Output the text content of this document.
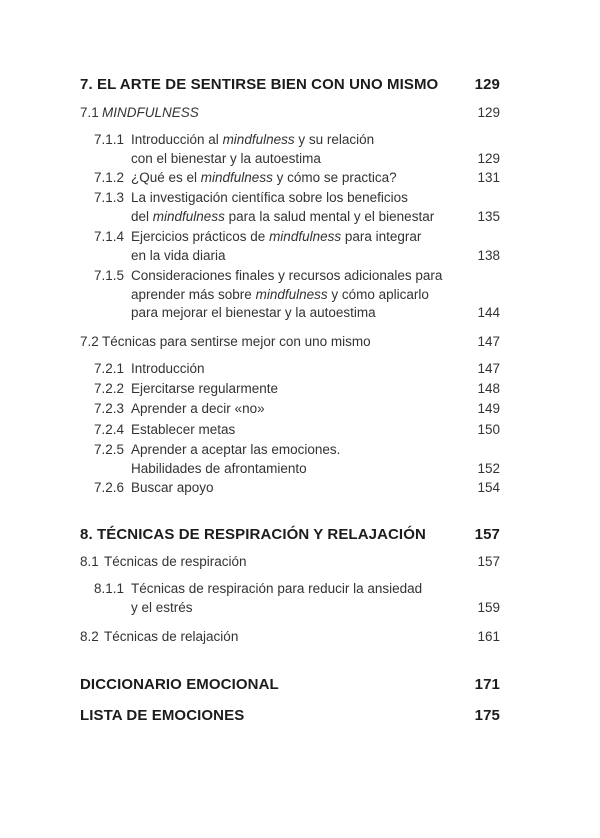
7. EL ARTE DE SENTIRSE BIEN CON UNO MISMO 129
7.1 MINDFULNESS	129
7.1.1 Introducción al mindfulness y su relación
con el bienestar y la autoestima	129
7.1.2 ¿Qué es el mindfulness y cómo se practica?	131
7.1.3 La investigación científica sobre los beneficios
del mindfulness para la salud mental y el bienestar	135
7.1.4 Ejercicios prácticos de mindfulness para integrar
en la vida diaria	138
7.1.5 Consideraciones finales y recursos adicionales para
aprender más sobre mindfulness y cómo aplicarlo
para mejorar el bienestar y la autoestima	144
7.2 Técnicas para sentirse mejor con uno mismo	147
7.2.1 Introducción	147
7.2.2 Ejercitarse regularmente	148
7.2.3 Aprender a decir «no»	149
7.2.4 Establecer metas	150
7.2.5 Aprender a aceptar las emociones.
Habilidades de afrontamiento	152
7.2.6 Buscar apoyo	154
8. TÉCNICAS DE RESPIRACIÓN Y RELAJACIÓN	157
8.1 Técnicas de respiración	157
8.1.1 Técnicas de respiración para reducir la ansiedad
y el estrés	159
8.2 Técnicas de relajación	161
DICCIONARIO EMOCIONAL	171
LISTA DE EMOCIONES	175
